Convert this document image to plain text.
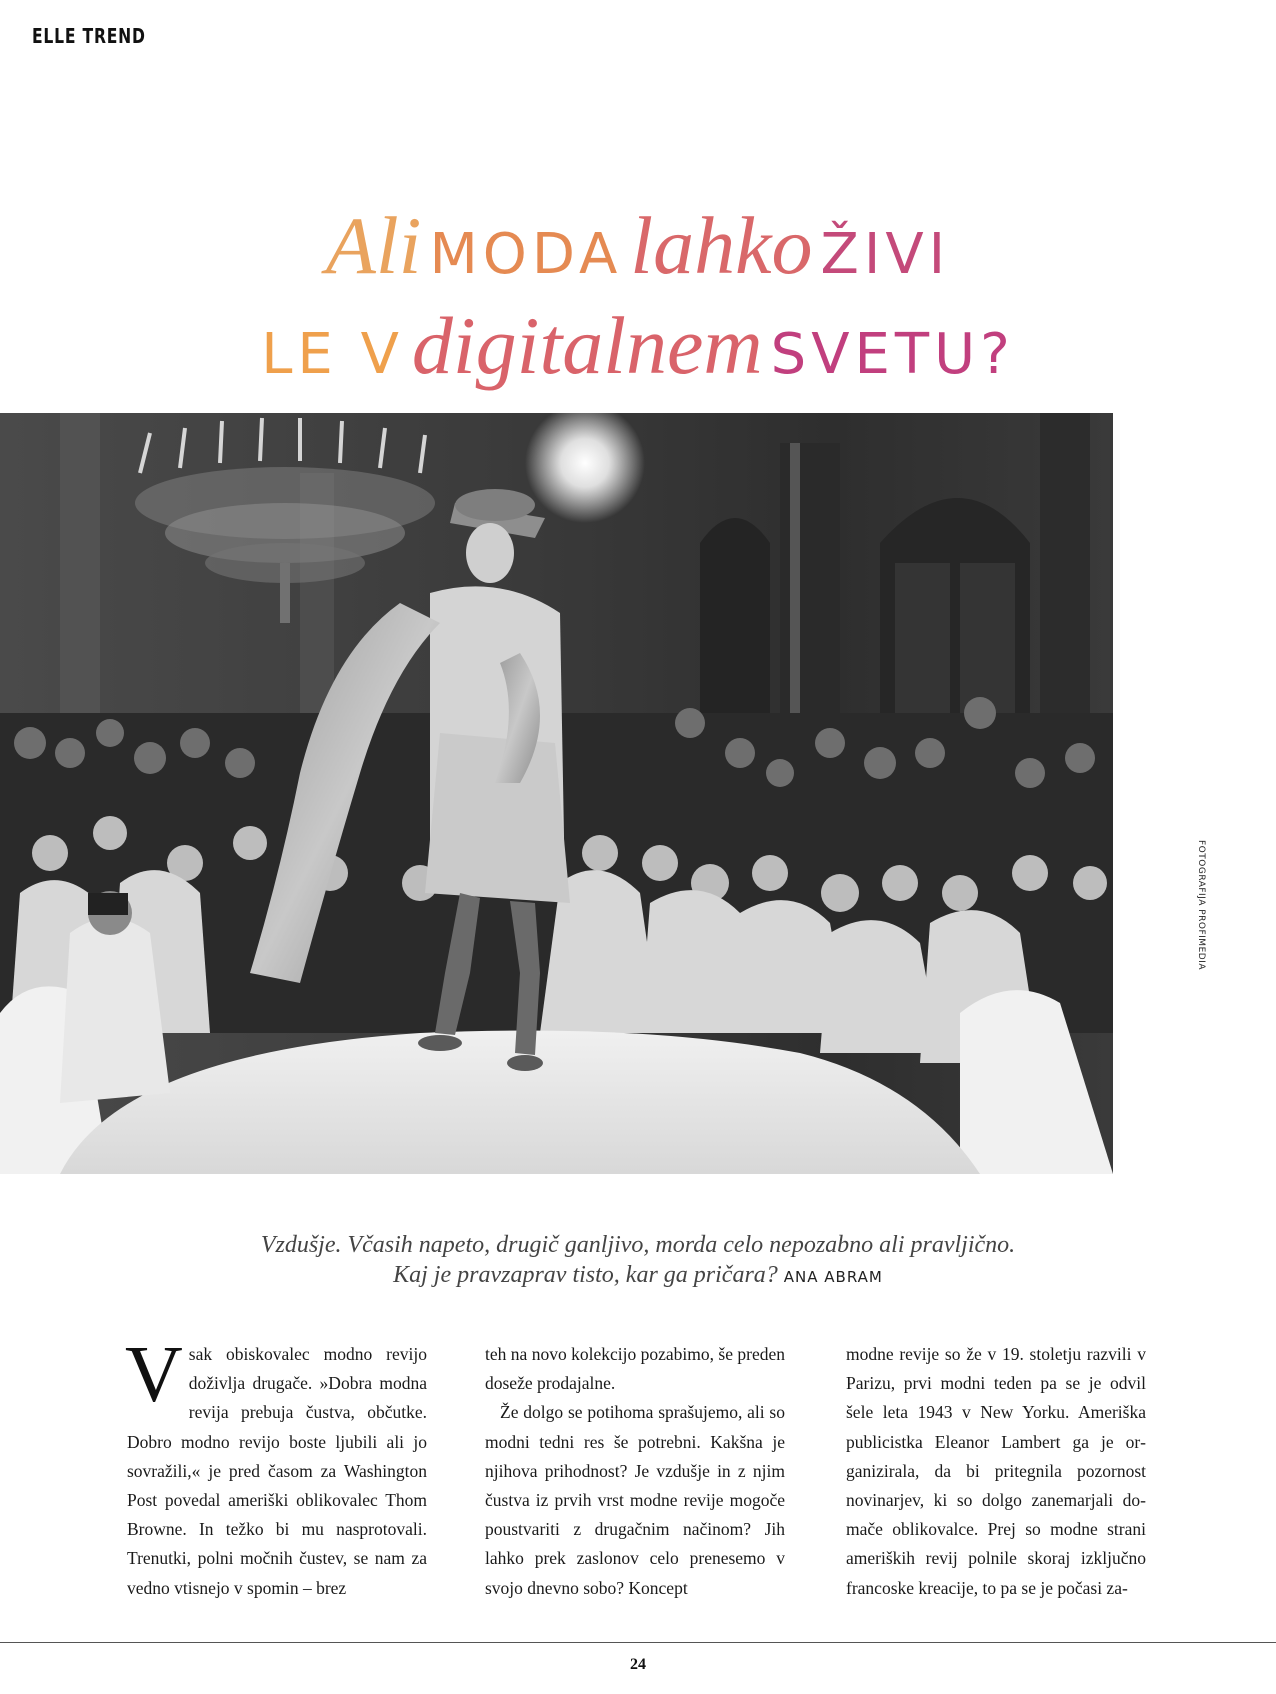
ELLE TREND
Ali MODA lahko ŽIVI
LE V digitalnem SVETU?
FOTOGRAFIJA PROFIMEDIA
Vzdušje. Včasih napeto, drugič ganljivo, morda celo nepozabno ali pravljično.
Kaj je pravzaprav tisto, kar ga pričara? ANA ABRAM

Vsak obiskovalec modno revijo doživlja drugače. »Dobra modna revija prebuja čustva, občutke. Dobro modno revijo boste ljubili ali jo sovražili,« je pred časom za Washington Post povedal ameriški oblikovalec Thom Browne. In težko bi mu nasprotovali. Trenutki, polni močnih čustev, se nam za vedno vtisnejo v spomin – brez

teh na novo kolekcijo pozabimo, še preden doseže prodajalne.

Že dolgo se potihoma sprašujemo, ali so modni tedni res še potrebni. Kakšna je njihova prihodnost? Je vzdušje in z njim čustva iz prvih vrst modne revije mogoče poustvariti z drugačnim načinom? Jih lahko prek zaslonov celo prenesemo v svojo dnevno sobo? Koncept

modne revije so že v 19. stoletju razvili v Parizu, prvi modni teden pa se je odvil šele leta 1943 v New Yorku. Ameriška publicistka Eleanor Lambert ga je organizirala, da bi pritegnila pozornost novinarjev, ki so dolgo zanemarjali domače oblikovalce. Prej so modne strani ameriških revij polnile skoraj izključno francoske kreacije, to pa se je počasi za-

24
